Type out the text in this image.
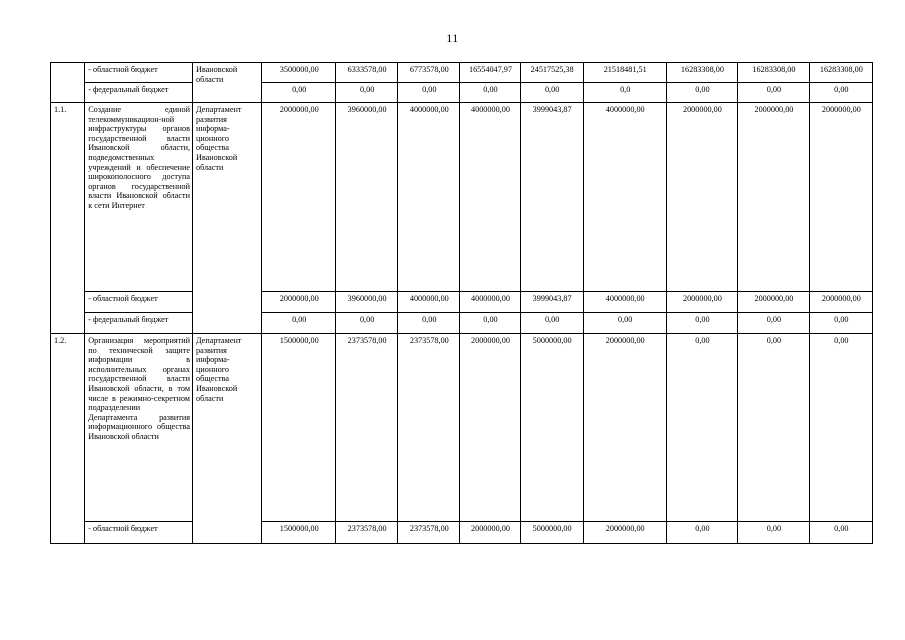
11
	- областной бюджет	Ивановской области	3500000,00	6333578,00	6773578,00	16554047,97	24517525,38	21518481,51	16283308,00	16283308,00	16283308,00
	- федеральный бюджет		0,00	0,00	0,00	0,00	0,00	0,0	0,00	0,00	0,00
1.1.	Создание единой телекоммуникацион-ной инфраструктуры органов государственной власти Ивановской области, подведомственных учреждений и обеспечение широкополосного доступа органов государственной власти Ивановской области к сети Интернет	Департамент развития информа-ционного общества Ивановской области	2000000,00	3960000,00	4000000,00	4000000,00	3999043,87	4000000,00	2000000,00	2000000,00	2000000,00
	- областной бюджет		2000000,00	3960000,00	4000000,00	4000000,00	3999043,87	4000000,00	2000000,00	2000000,00	2000000,00
	- федеральный бюджет		0,00	0,00	0,00	0,00	0,00	0,00	0,00	0,00	0,00
1.2.	Организация мероприятий по технической защите информации в исполнительных органах государственной власти Ивановской области, в том числе в режимно-секретном подразделении Департамента развития информационного общества Ивановской области	Департамент развития информа-ционного общества Ивановской области	1500000,00	2373578,00	2373578,00	2000000,00	5000000,00	2000000,00	0,00	0,00	0,00
	- областной бюджет		1500000,00	2373578,00	2373578,00	2000000,00	5000000,00	2000000,00	0,00	0,00	0,00
